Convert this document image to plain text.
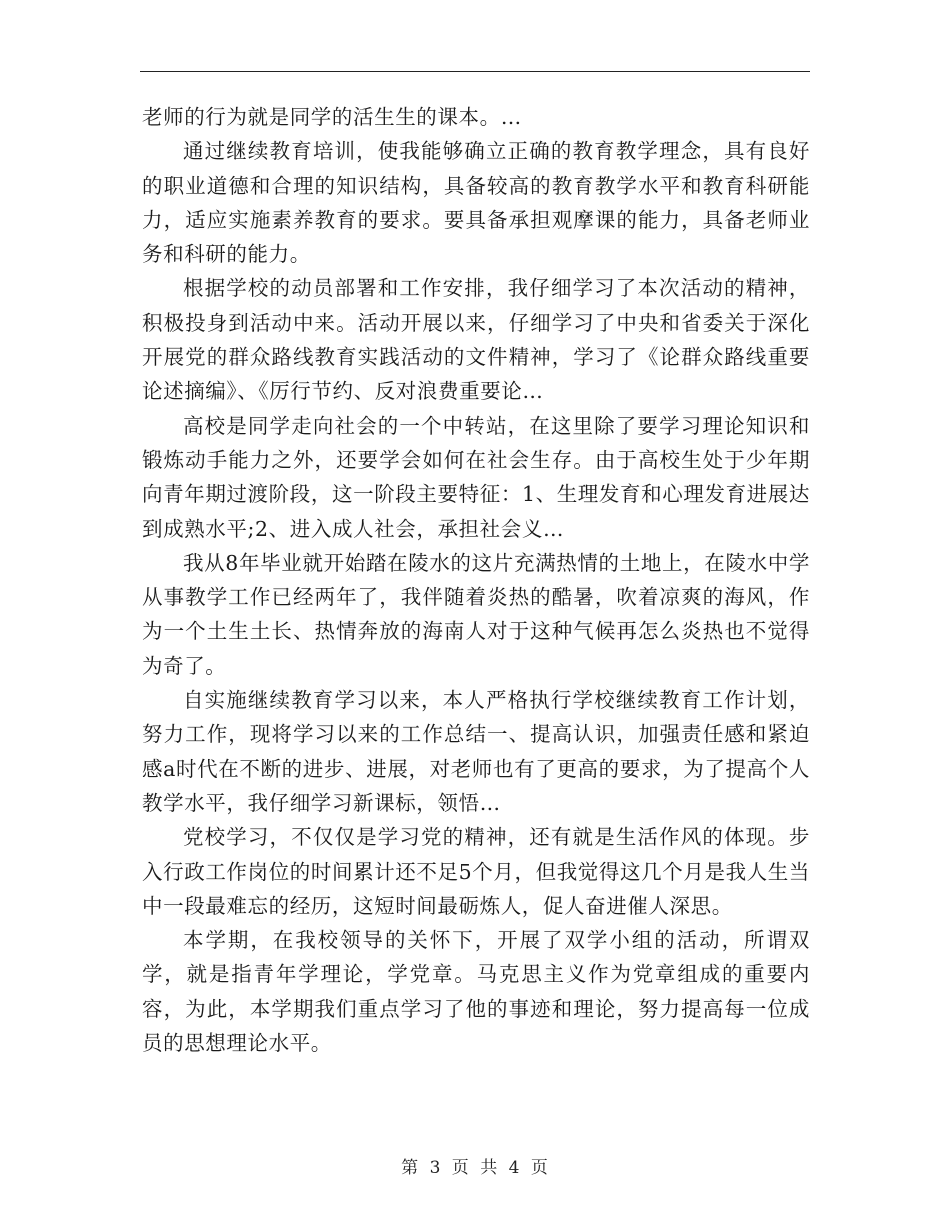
老师的行为就是同学的活生生的课本。…

通过继续教育培训，使我能够确立正确的教育教学理念，具有良好的职业道德和合理的知识结构，具备较高的教育教学水平和教育科研能力，适应实施素养教育的要求。要具备承担观摩课的能力，具备老师业务和科研的能力。

根据学校的动员部署和工作安排，我仔细学习了本次活动的精神，积极投身到活动中来。活动开展以来，仔细学习了中央和省委关于深化开展党的群众路线教育实践活动的文件精神，学习了《论群众路线重要论述摘编》、《厉行节约、反对浪费重要论…

高校是同学走向社会的一个中转站，在这里除了要学习理论知识和锻炼动手能力之外，还要学会如何在社会生存。由于高校生处于少年期向青年期过渡阶段，这一阶段主要特征：1、生理发育和心理发育进展达到成熟水平;2、进入成人社会，承担社会义…

我从8年毕业就开始踏在陵水的这片充满热情的土地上，在陵水中学从事教学工作已经两年了，我伴随着炎热的酷暑，吹着凉爽的海风，作为一个土生土长、热情奔放的海南人对于这种气候再怎么炎热也不觉得为奇了。

自实施继续教育学习以来，本人严格执行学校继续教育工作计划，努力工作，现将学习以来的工作总结一、提高认识，加强责任感和紧迫感a时代在不断的进步、进展，对老师也有了更高的要求，为了提高个人教学水平，我仔细学习新课标，领悟…

党校学习，不仅仅是学习党的精神，还有就是生活作风的体现。步入行政工作岗位的时间累计还不足5个月，但我觉得这几个月是我人生当中一段最难忘的经历，这短时间最砺炼人，促人奋进催人深思。

本学期，在我校领导的关怀下，开展了双学小组的活动，所谓双学，就是指青年学理论，学党章。马克思主义作为党章组成的重要内容，为此，本学期我们重点学习了他的事迹和理论，努力提高每一位成员的思想理论水平。

第 3 页 共 4 页
